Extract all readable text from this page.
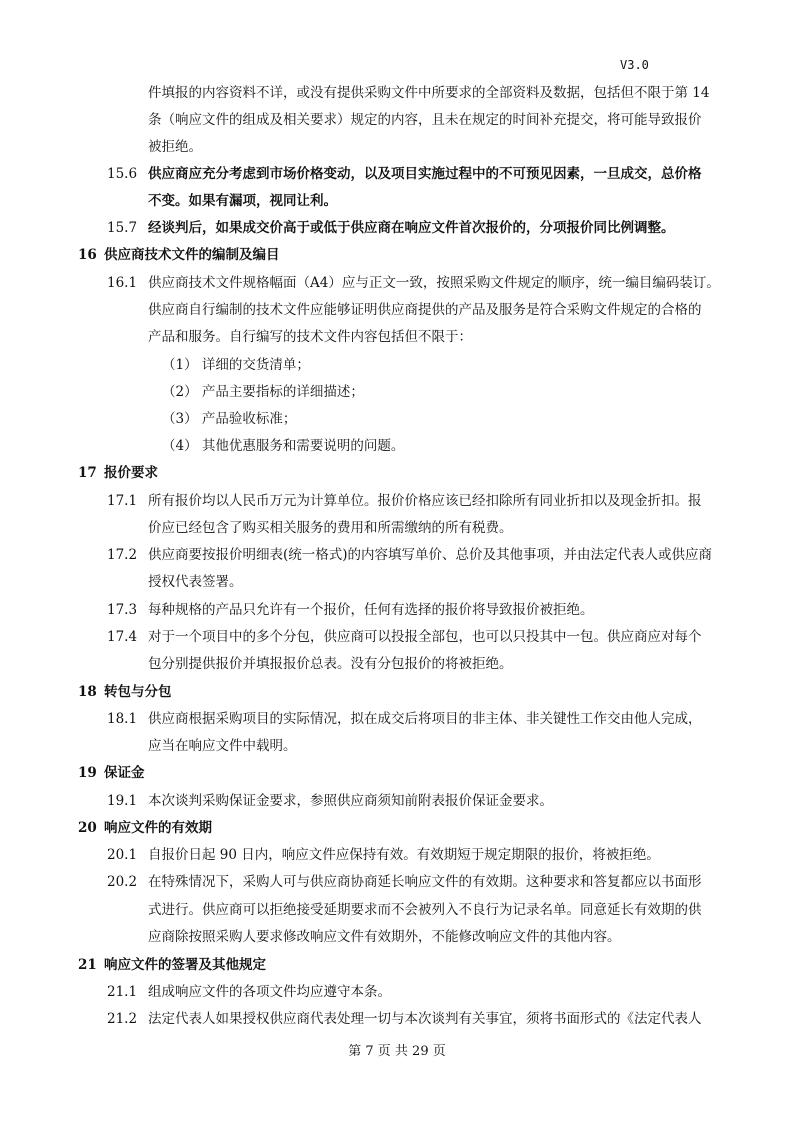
V3.0
件填报的内容资料不详，或没有提供采购文件中所要求的全部资料及数据，包括但不限于第 14
条（响应文件的组成及相关要求）规定的内容，且未在规定的时间补充提交，将可能导致报价
被拒绝。
15.6 供应商应充分考虑到市场价格变动，以及项目实施过程中的不可预见因素，一旦成交，总价格
不变。如果有漏项，视同让利。
15.7 经谈判后，如果成交价高于或低于供应商在响应文件首次报价的，分项报价同比例调整。
16 供应商技术文件的编制及编目
16.1 供应商技术文件规格幅面（A4）应与正文一致，按照采购文件规定的顺序，统一编目编码装订。
供应商自行编制的技术文件应能够证明供应商提供的产品及服务是符合采购文件规定的合格的
产品和服务。自行编写的技术文件内容包括但不限于：
（1） 详细的交货清单；
（2） 产品主要指标的详细描述；
（3） 产品验收标准；
（4） 其他优惠服务和需要说明的问题。
17 报价要求
17.1 所有报价均以人民币万元为计算单位。报价价格应该已经扣除所有同业折扣以及现金折扣。报
价应已经包含了购买相关服务的费用和所需缴纳的所有税费。
17.2 供应商要按报价明细表(统一格式)的内容填写单价、总价及其他事项，并由法定代表人或供应商
授权代表签署。
17.3 每种规格的产品只允许有一个报价，任何有选择的报价将导致报价被拒绝。
17.4 对于一个项目中的多个分包，供应商可以投报全部包，也可以只投其中一包。供应商应对每个
包分别提供报价并填报报价总表。没有分包报价的将被拒绝。
18 转包与分包
18.1 供应商根据采购项目的实际情况，拟在成交后将项目的非主体、非关键性工作交由他人完成，
应当在响应文件中载明。
19 保证金
19.1 本次谈判采购保证金要求，参照供应商须知前附表报价保证金要求。
20 响应文件的有效期
20.1 自报价日起 90 日内，响应文件应保持有效。有效期短于规定期限的报价，将被拒绝。
20.2 在特殊情况下，采购人可与供应商协商延长响应文件的有效期。这种要求和答复都应以书面形
式进行。供应商可以拒绝接受延期要求而不会被列入不良行为记录名单。同意延长有效期的供
应商除按照采购人要求修改响应文件有效期外，不能修改响应文件的其他内容。
21 响应文件的签署及其他规定
21.1 组成响应文件的各项文件均应遵守本条。
21.2 法定代表人如果授权供应商代表处理一切与本次谈判有关事宜，须将书面形式的《法定代表人
第 7 页 共 29 页
